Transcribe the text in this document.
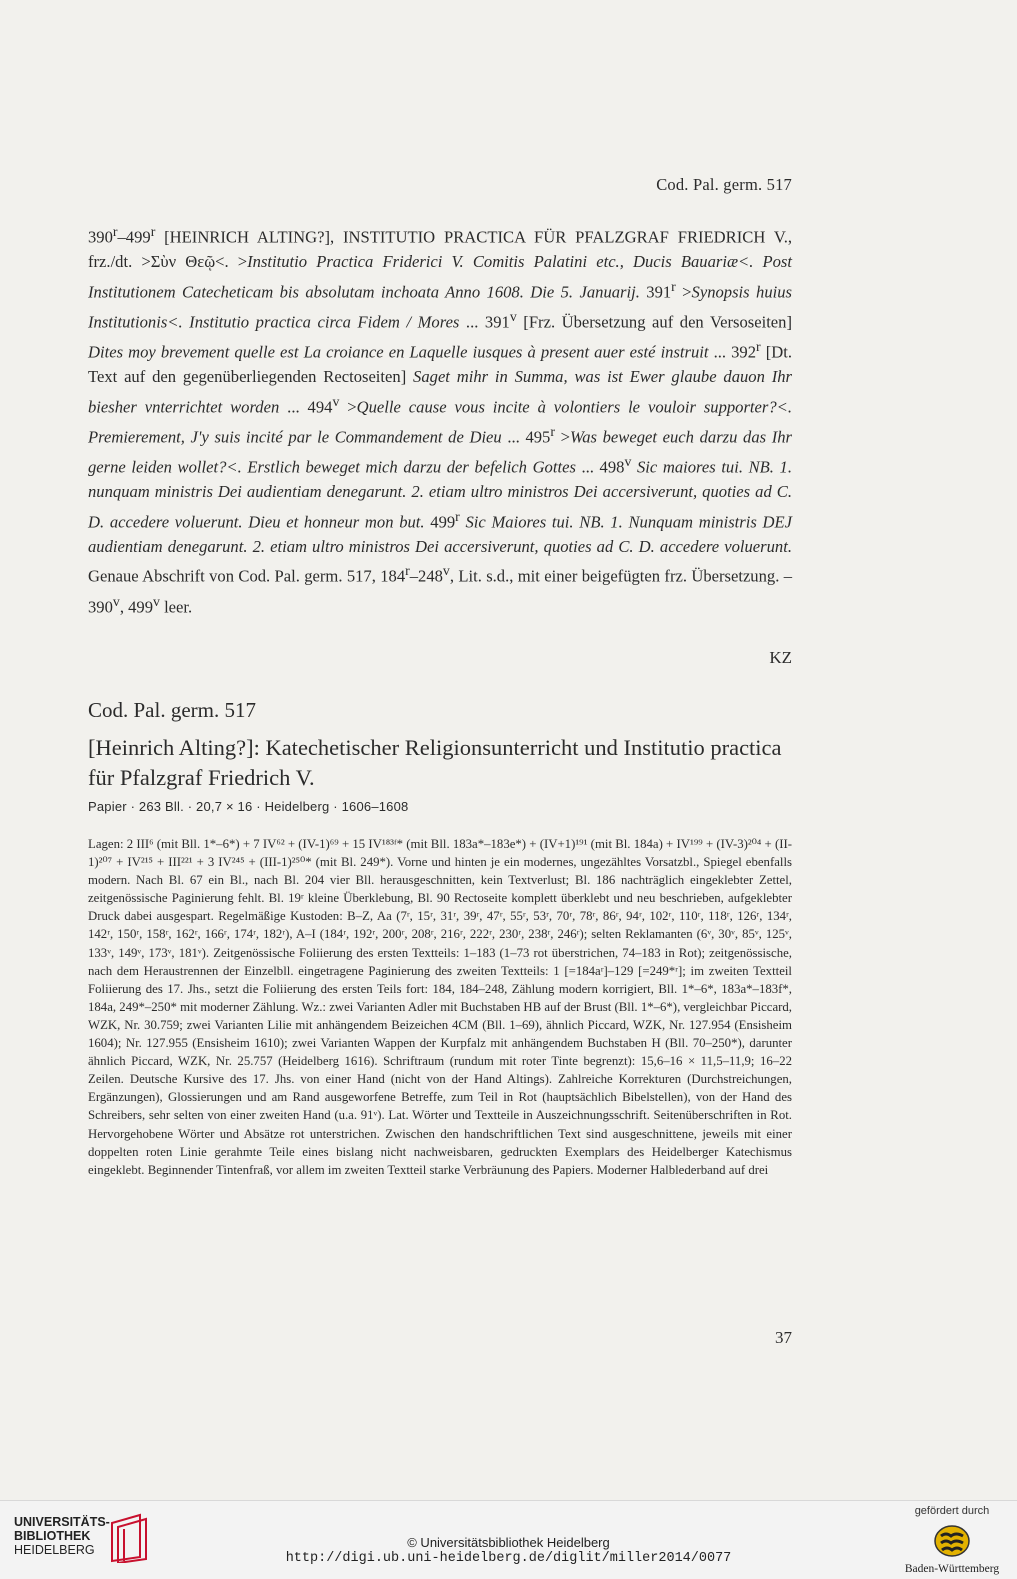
Cod. Pal. germ. 517
390$^r$–499$^r$ [HEINRICH ALTING?], INSTITUTIO PRACTICA FÜR PFALZGRAF FRIEDRICH V., frz./dt. >Σὺν Θεῷ<. >Institutio Practica Friderici V. Comitis Palatini etc., Ducis Bauariæ<. Post Institutionem Catecheticam bis absolutam inchoata Anno 1608. Die 5. Januarij. $391^r$ >Synopsis huius Institutionis<. Institutio practica circa Fidem / Mores ... 391$^v$ [Frz. Übersetzung auf den Versoseiten] Dites moy brevement quelle est La croiance en Laquelle iusques à present auer esté instruit ... 392$^r$ [Dt. Text auf den gegenüberliegenden Rectoseiten] Saget mihr in Summa, was ist Ewer glaube dauon Ihr biesher vnterrichtet worden ... $494^v$ >Quelle cause vous incite à volontiers le vouloir supporter?<. Premierement, J'y suis incité par le Commandement de Dieu ... $495^r >Was$ beweget euch darzu das Ihr gerne leiden wollet?<. Erstlich beweget mich darzu der befelich Gottes ... 498$^v$ Sic maiores tui. NB. 1. nunquam ministris Dei audientiam denegarunt. 2. etiam ultro ministros Dei accersiverunt, quoties ad C. D. accedere voluerunt. Dieu et honneur mon but. 499$^r$ Sic Maiores tui. NB. 1. Nunquam ministris DEJ audientiam denegarunt. 2. etiam ultro ministros Dei accersiverunt, quoties ad C. D. accedere voluerunt. Genaue Abschrift von Cod. Pal. germ. 517, 184$^r$–248$^v$, Lit. s.d., mit einer beigefügten frz. Übersetzung. – 390$^v$, 499$^v$ leer.
KZ
Cod. Pal. germ. 517
[Heinrich Alting?]: Katechetischer Religionsunterricht und Institutio practica für Pfalzgraf Friedrich V.
Papier · 263 Bll. · 20,7 × 16 · Heidelberg · 1606–1608
Lagen: 2 III⁶ (mit Bll. 1*–6*) + 7 IV⁶² + (IV-1)⁶⁹ + 15 IV¹⁸³ᶠ* (mit Bll. 183a*–183e*) + (IV+1)¹⁹¹ (mit Bl. 184a) + IV¹⁹⁹ + (IV-3)²⁰⁴ + (II-1)²⁰⁷ + IV²¹⁵ + III²²¹ + 3 IV²⁴⁵ + (III-1)²⁵⁰* (mit Bl. 249*). Vorne und hinten je ein modernes, ungezähltes Vorsatzbl., Spiegel ebenfalls modern. Nach Bl. 67 ein Bl., nach Bl. 204 vier Bll. herausgeschnitten, kein Textverlust; Bl. 186 nachträglich eingeklebter Zettel, zeitgenössische Paginierung fehlt. Bl. 19ʳ kleine Überklebung, Bl. 90 Rectoseite komplett überklebt und neu beschrieben, aufgeklebter Druck dabei ausgespart. Regelmäßige Kustoden: B–Z, Aa (7ʳ, 15ʳ, 31ʳ, 39ʳ, 47ʳ, 55ʳ, 53ʳ, 70ʳ, 78ʳ, 86ʳ, 94ʳ, 102ʳ, 110ʳ, 118ʳ, 126ʳ, 134ʳ, 142ʳ, 150ʳ, 158ʳ, 162ʳ, 166ʳ, 174ʳ, 182ʳ), A–I (184ʳ, 192ʳ, 200ʳ, 208ʳ, 216ʳ, 222ʳ, 230ʳ, 238ʳ, 246ʳ); selten Reklamanten (6ᵛ, 30ᵛ, 85ᵛ, 125ᵛ, 133ᵛ, 149ᵛ, 173ᵛ, 181ᵛ). Zeitgenössische Foliierung des ersten Textteils: 1–183 (1–73 rot überstrichen, 74–183 in Rot); zeitgenössische, nach dem Heraustrennen der Einzelbll. eingetragene Paginierung des zweiten Textteils: 1 [=184aʳ]–129 [=249*ʳ]; im zweiten Textteil Foliierung des 17. Jhs., setzt die Foliierung des ersten Teils fort: 184, 184–248, Zählung modern korrigiert, Bll. 1*–6*, 183a*–183f*, 184a, 249*–250* mit moderner Zählung. Wz.: zwei Varianten Adler mit Buchstaben HB auf der Brust (Bll. 1*–6*), vergleichbar Piccard, WZK, Nr. 30.759; zwei Varianten Lilie mit anhängendem Beizeichen 4CM (Bll. 1–69), ähnlich Piccard, WZK, Nr. 127.954 (Ensisheim 1604); Nr. 127.955 (Ensisheim 1610); zwei Varianten Wappen der Kurpfalz mit anhängendem Buchstaben H (Bll. 70–250*), darunter ähnlich Piccard, WZK, Nr. 25.757 (Heidelberg 1616). Schriftraum (rundum mit roter Tinte begrenzt): 15,6–16 × 11,5–11,9; 16–22 Zeilen. Deutsche Kursive des 17. Jhs. von einer Hand (nicht von der Hand Altings). Zahlreiche Korrekturen (Durchstreichungen, Ergänzungen), Glossierungen und am Rand ausgeworfene Betreffe, zum Teil in Rot (hauptsächlich Bibelstellen), von der Hand des Schreibers, sehr selten von einer zweiten Hand (u.a. 91ᵛ). Lat. Wörter und Textteile in Auszeichnungsschrift. Seitenüberschriften in Rot. Hervorgehobene Wörter und Absätze rot unterstrichen. Zwischen den handschriftlichen Text sind ausgeschnittene, jeweils mit einer doppelten roten Linie gerahmte Teile eines bislang nicht nachweisbaren, gedruckten Exemplars des Heidelberger Katechismus eingeklebt. Beginnender Tintenfraß, vor allem im zweiten Textteil starke Verbräunung des Papiers. Moderner Halblederband auf drei
37
UNIVERSITÄTS-
BIBLIOTHEK
HEIDELBERG	© Universitätsbibliothek Heidelberg
http://digi.ub.uni-heidelberg.de/diglit/miller2014/0077
gefördert durch
Baden-Württemberg
